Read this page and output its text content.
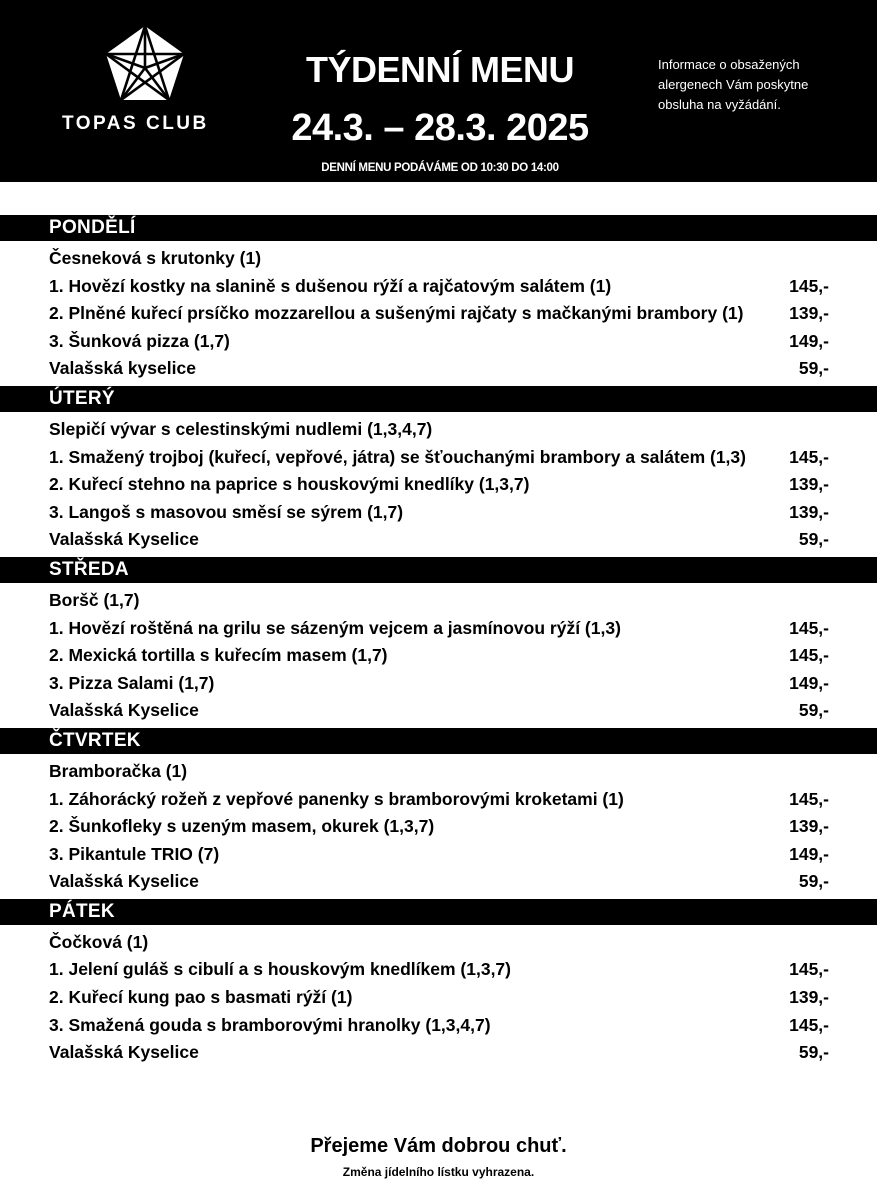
TOPAS CLUB
TÝDENNÍ MENU
24.3. – 28.3. 2025
DENNÍ MENU PODÁVÁME OD 10:30 DO 14:00
Informace o obsažených
alergenech Vám poskytne
obsluha na vyžádání.
PONDĚLÍ
Česneková s krutonky (1)
1. Hovězí kostky na slanině s dušenou rýží a rajčatovým salátem (1)	145,-
2. Plněné kuřecí prsíčko mozzarellou a sušenými rajčaty s mačkanými brambory (1)	139,-
3. Šunková pizza (1,7)	149,-
Valašská kyselice	59,-
ÚTERÝ
Slepičí vývar s celestinskými nudlemi (1,3,4,7)
1. Smažený trojboj (kuřecí, vepřové, játra) se šťouchanými brambory a salátem (1,3) 145,-
2. Kuřecí stehno na paprice s houskovými knedlíky (1,3,7)	139,-
3. Langoš s masovou směsí se sýrem (1,7)	139,-
Valašská Kyselice	59,-
STŘEDA
Boršč (1,7)
1. Hovězí roštěná na grilu se sázeným vejcem a jasmínovou rýží (1,3)	145,-
2. Mexická tortilla s kuřecím masem (1,7)	145,-
3. Pizza Salami (1,7)	149,-
Valašská Kyselice	59,-
ČTVRTEK
Bramboračka (1)
1. Záhorácký rožeň z vepřové panenky s bramborovými kroketami (1)	145,-
2. Šunkofleky s uzeným masem, okurek (1,3,7)	139,-
3. Pikantule TRIO (7)	149,-
Valašská Kyselice	59,-
PÁTEK
Čočková (1)
1. Jelení guláš s cibulí a s houskovým knedlíkem (1,3,7)	145,-
2. Kuřecí kung pao s basmati rýží (1)	139,-
3. Smažená gouda s bramborovými hranolky (1,3,4,7)	145,-
Valašská Kyselice	59,-
Přejeme Vám dobrou chuť.
Změna jídelního lístku vyhrazena.
